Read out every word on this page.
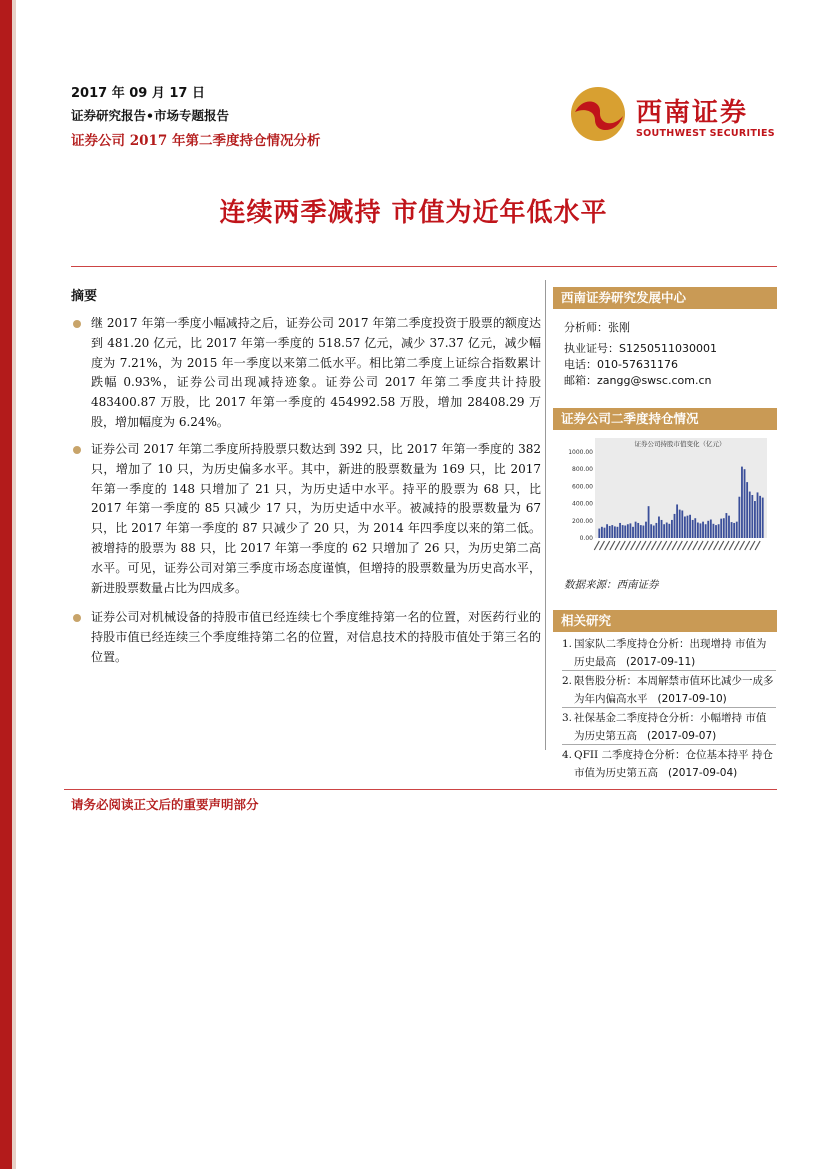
2017 年 09 月 17 日
证券研究报告•市场专题报告
证券公司 2017 年第二季度持仓情况分析
西南证券
SOUTHWEST SECURITIES
连续两季减持 市值为近年低水平
摘要
继 2017 年第一季度小幅减持之后，证券公司 2017 年第二季度投资于股票的额度达到 481.20 亿元，比 2017 年第一季度的 518.57 亿元，减少 37.37 亿元，减少幅度为 7.21%，为 2015 年一季度以来第二低水平。相比第二季度上证综合指数累计跌幅 0.93%，证券公司出现减持迹象。证券公司 2017 年第二季度共计持股 483400.87 万股，比 2017 年第一季度的 454992.58 万股，增加 28408.29 万股，增加幅度为 6.24%。
证券公司 2017 年第二季度所持股票只数达到 392 只，比 2017 年第一季度的 382 只，增加了 10 只，为历史偏多水平。其中，新进的股票数量为 169 只，比 2017 年第一季度的 148 只增加了 21 只，为历史适中水平。持平的股票为 68 只，比 2017 年第一季度的 85 只减少 17 只，为历史适中水平。被减持的股票数量为 67 只，比 2017 年第一季度的 87 只减少了 20 只，为 2014 年四季度以来的第二低。被增持的股票为 88 只，比 2017 年第一季度的 62 只增加了 26 只，为历史第二高水平。可见，证券公司对第三季度市场态度谨慎，但增持的股票数量为历史高水平，新进股票数量占比为四成多。
证券公司对机械设备的持股市值已经连续七个季度维持第一名的位置，对医药行业的持股市值已经连续三个季度维持第二名的位置，对信息技术的持股市值处于第三名的位置。
西南证券研究发展中心
分析师：张刚
执业证号：S1250511030001
电话：010-57631176
邮箱：zangg@swsc.com.cn
证券公司二季度持仓情况
证券公司持股市值变化（亿元）
1000.00
800.00
600.00
400.00
200.00
0.00
数据来源：西南证券
相关研究
1. 国家队二季度持仓分析：出现增持 市值为历史最高 (2017-09-11)
2. 限售股分析：本周解禁市值环比减少一成多 为年内偏高水平 (2017-09-10)
3. 社保基金二季度持仓分析：小幅增持 市值为历史第五高 (2017-09-07)
4. QFII 二季度持仓分析：仓位基本持平 持仓市值为历史第五高 (2017-09-04)
请务必阅读正文后的重要声明部分
